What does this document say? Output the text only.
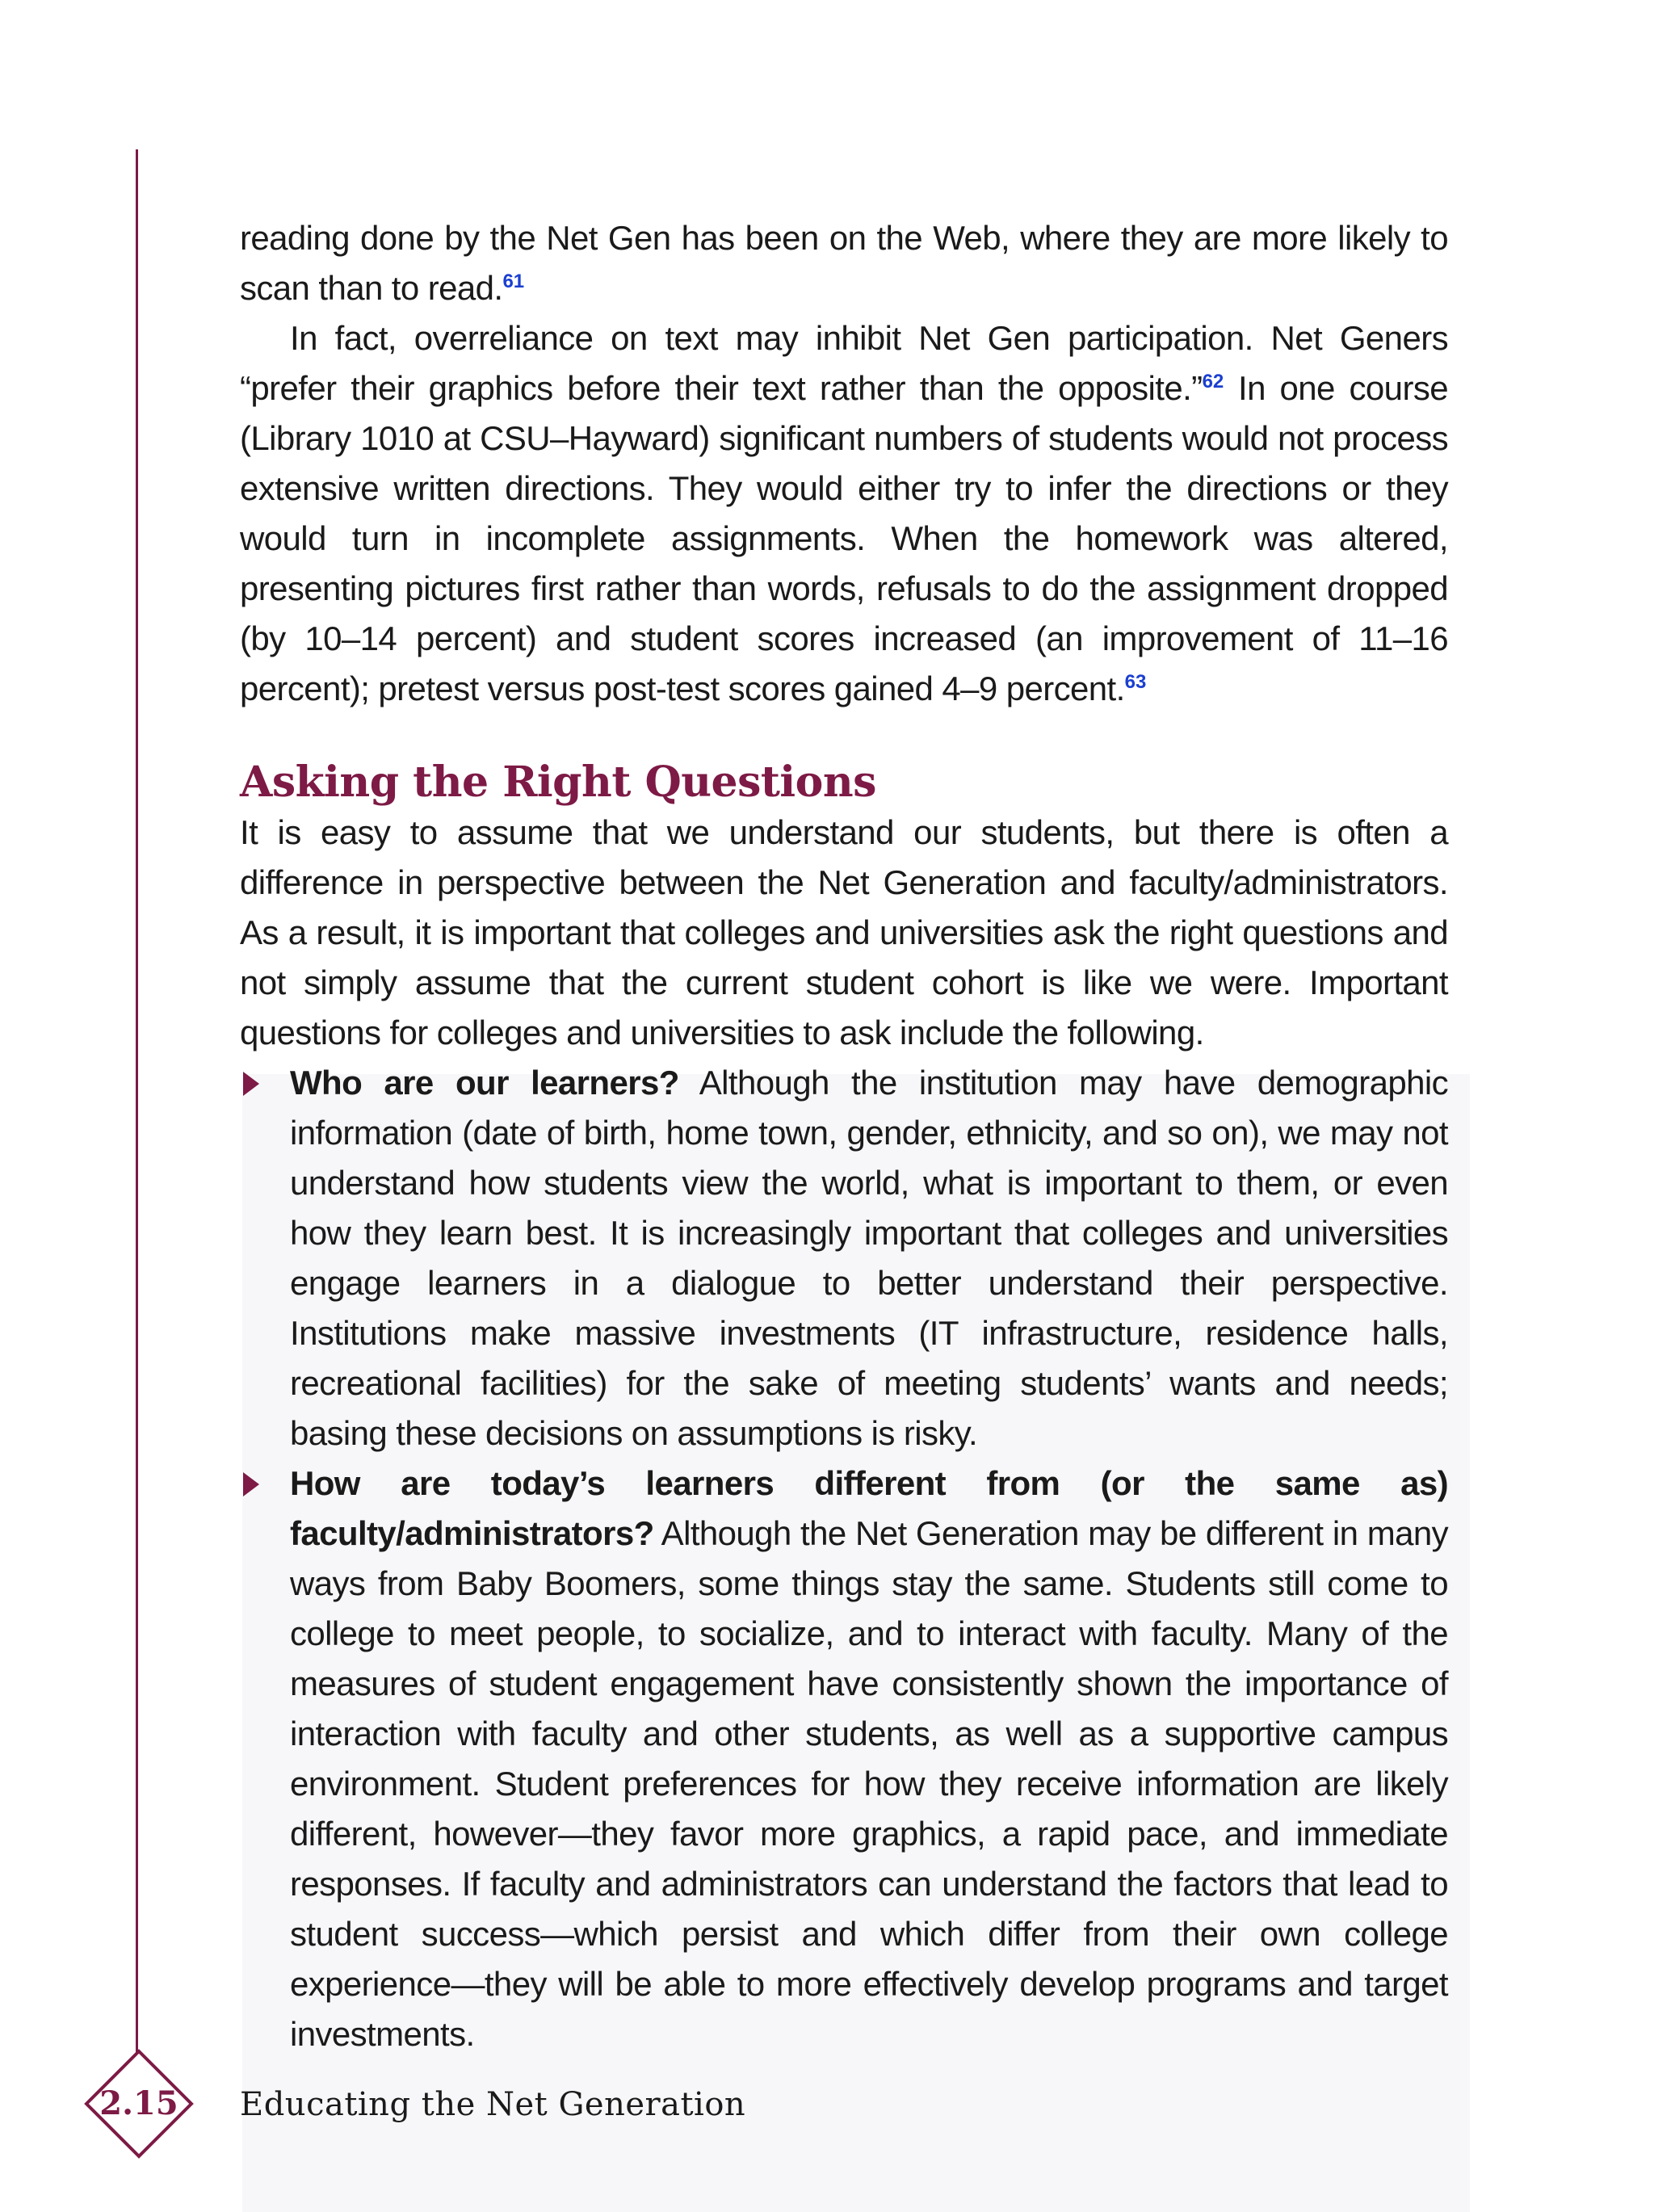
reading done by the Net Gen has been on the Web, where they are more likely to scan than to read.$^{61}$

In fact, overreliance on text may inhibit Net Gen participation. Net Geners “prefer their graphics before their text rather than the opposite.”$^{62}$ In one course (Library 1010 at CSU–Hayward) significant numbers of students would not process extensive written directions. They would either try to infer the directions or they would turn in incomplete assignments. When the homework was altered, presenting pictures first rather than words, refusals to do the assignment dropped (by 10–14 percent) and student scores increased (an improvement of 11–16 percent); pretest versus post-test scores gained 4–9 percent.$^{63}$

Asking the Right Questions

It is easy to assume that we understand our students, but there is often a difference in perspective between the Net Generation and faculty/administrators. As a result, it is important that colleges and universities ask the right questions and not simply assume that the current student cohort is like we were. Important questions for colleges and universities to ask include the following.

Who are our learners? Although the institution may have demographic information (date of birth, home town, gender, ethnicity, and so on), we may not understand how students view the world, what is important to them, or even how they learn best. It is increasingly important that colleges and universities engage learners in a dialogue to better understand their perspective. Institutions make massive investments (IT infrastructure, residence halls, recreational facilities) for the sake of meeting students’ wants and needs; basing these decisions on assumptions is risky.
How are today’s learners different from (or the same as) faculty/administrators? Although the Net Generation may be different in many ways from Baby Boomers, some things stay the same. Students still come to college to meet people, to socialize, and to interact with faculty. Many of the measures of student engagement have consistently shown the importance of interaction with faculty and other students, as well as a supportive campus environment. Student preferences for how they receive information are likely different, however—they favor more graphics, a rapid pace, and immediate responses. If faculty and administrators can understand the factors that lead to student success—which persist and which differ from their own college experience—they will be able to more effectively develop programs and target investments.
2.15	Educating the Net Generation
